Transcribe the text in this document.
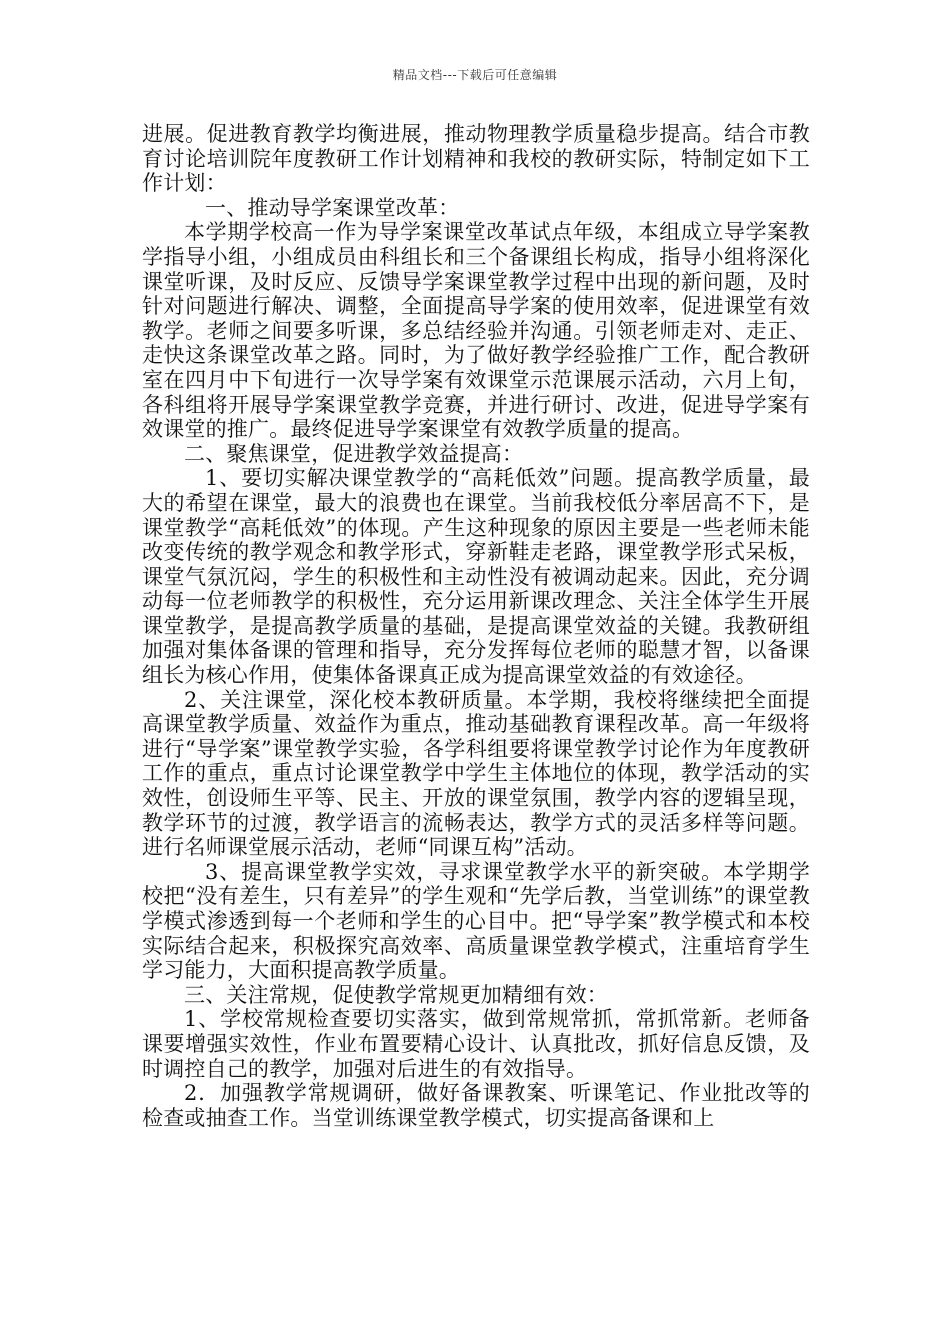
精品文档---下载后可任意编辑

进展。促进教育教学均衡进展，推动物理教学质量稳步提高。结合市教育讨论培训院年度教研工作计划精神和我校的教研实际，特制定如下工作计划：

一、推动导学案课堂改革：

本学期学校高一作为导学案课堂改革试点年级，本组成立导学案教学指导小组，小组成员由科组长和三个备课组长构成，指导小组将深化课堂听课，及时反应、反馈导学案课堂教学过程中出现的新问题，及时针对问题进行解决、调整，全面提高导学案的使用效率，促进课堂有效教学。老师之间要多听课，多总结经验并沟通。引领老师走对、走正、走快这条课堂改革之路。同时，为了做好教学经验推广工作，配合教研室在四月中下旬进行一次导学案有效课堂示范课展示活动，六月上旬，各科组将开展导学案课堂教学竞赛，并进行研讨、改进，促进导学案有效课堂的推广。最终促进导学案课堂有效教学质量的提高。

二、聚焦课堂，促进教学效益提高：

1、要切实解决课堂教学的“高耗低效”问题。提高教学质量，最大的希望在课堂，最大的浪费也在课堂。当前我校低分率居高不下，是课堂教学“高耗低效”的体现。产生这种现象的原因主要是一些老师未能改变传统的教学观念和教学形式，穿新鞋走老路，课堂教学形式呆板，课堂气氛沉闷，学生的积极性和主动性没有被调动起来。因此，充分调动每一位老师教学的积极性，充分运用新课改理念、关注全体学生开展课堂教学，是提高教学质量的基础，是提高课堂效益的关键。我教研组加强对集体备课的管理和指导，充分发挥每位老师的聪慧才智，以备课组长为核心作用，使集体备课真正成为提高课堂效益的有效途径。

2、关注课堂，深化校本教研质量。本学期，我校将继续把全面提高课堂教学质量、效益作为重点，推动基础教育课程改革。高一年级将进行“导学案”课堂教学实验，各学科组要将课堂教学讨论作为年度教研工作的重点，重点讨论课堂教学中学生主体地位的体现，教学活动的实效性，创设师生平等、民主、开放的课堂氛围，教学内容的逻辑呈现，教学环节的过渡，教学语言的流畅表达，教学方式的灵活多样等问题。进行名师课堂展示活动，老师“同课互构”活动。

3、提高课堂教学实效，寻求课堂教学水平的新突破。本学期学校把“没有差生，只有差异”的学生观和“先学后教，当堂训练”的课堂教学模式渗透到每一个老师和学生的心目中。把“导学案”教学模式和本校实际结合起来，积极探究高效率、高质量课堂教学模式，注重培育学生学习能力，大面积提高教学质量。

三、关注常规，促使教学常规更加精细有效：

1、学校常规检查要切实落实，做到常规常抓，常抓常新。老师备课要增强实效性，作业布置要精心设计、认真批改，抓好信息反馈，及时调控自己的教学，加强对后进生的有效指导。

2．加强教学常规调研，做好备课教案、听课笔记、作业批改等的检查或抽查工作。当堂训练课堂教学模式，切实提高备课和上
